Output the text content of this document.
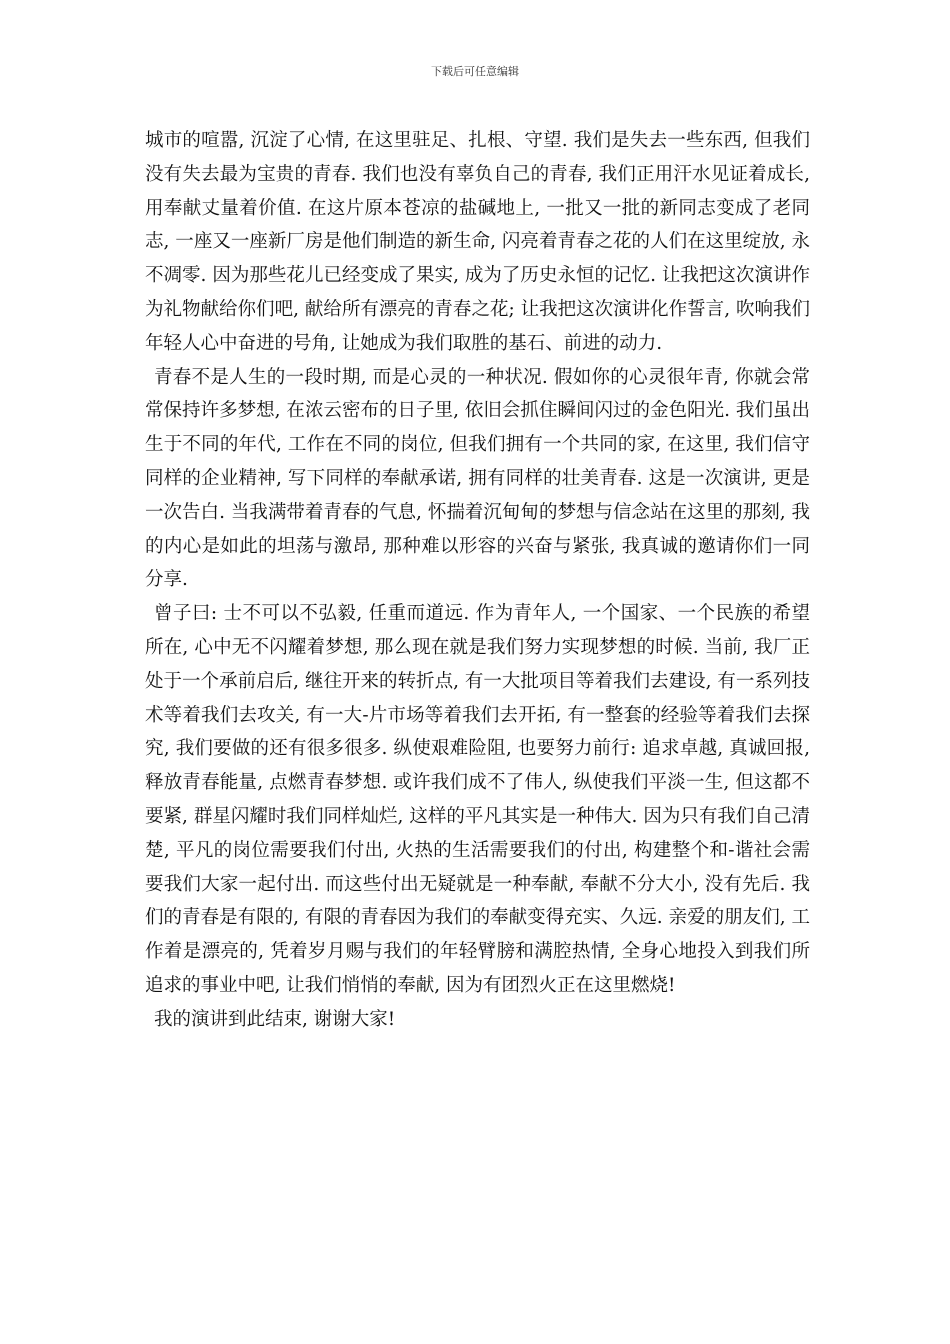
下载后可任意编辑

城市的喧嚣, 沉淀了心情, 在这里驻足、扎根、守望. 我们是失去一些东西, 但我们没有失去最为宝贵的青春. 我们也没有辜负自己的青春, 我们正用汗水见证着成长, 用奉献丈量着价值. 在这片原本苍凉的盐碱地上, 一批又一批的新同志变成了老同志, 一座又一座新厂房是他们制造的新生命, 闪亮着青春之花的人们在这里绽放, 永不凋零. 因为那些花儿已经变成了果实, 成为了历史永恒的记忆. 让我把这次演讲作为礼物献给你们吧, 献给所有漂亮的青春之花; 让我把这次演讲化作誓言, 吹响我们年轻人心中奋进的号角, 让她成为我们取胜的基石、前进的动力.

青春不是人生的一段时期, 而是心灵的一种状况. 假如你的心灵很年青, 你就会常常保持许多梦想, 在浓云密布的日子里, 依旧会抓住瞬间闪过的金色阳光. 我们虽出生于不同的年代, 工作在不同的岗位, 但我们拥有一个共同的家, 在这里, 我们信守同样的企业精神, 写下同样的奉献承诺, 拥有同样的壮美青春. 这是一次演讲, 更是一次告白. 当我满带着青春的气息, 怀揣着沉甸甸的梦想与信念站在这里的那刻, 我的内心是如此的坦荡与激昂, 那种难以形容的兴奋与紧张, 我真诚的邀请你们一同分享.

曾子曰: 士不可以不弘毅, 任重而道远. 作为青年人, 一个国家、一个民族的希望所在, 心中无不闪耀着梦想, 那么现在就是我们努力实现梦想的时候. 当前, 我厂正处于一个承前启后, 继往开来的转折点, 有一大批项目等着我们去建设, 有一系列技术等着我们去攻关, 有一大-片市场等着我们去开拓, 有一整套的经验等着我们去探究, 我们要做的还有很多很多. 纵使艰难险阻, 也要努力前行: 追求卓越, 真诚回报, 释放青春能量, 点燃青春梦想. 或许我们成不了伟人, 纵使我们平淡一生, 但这都不要紧, 群星闪耀时我们同样灿烂, 这样的平凡其实是一种伟大. 因为只有我们自己清楚, 平凡的岗位需要我们付出, 火热的生活需要我们的付出, 构建整个和-谐社会需要我们大家一起付出. 而这些付出无疑就是一种奉献, 奉献不分大小, 没有先后. 我们的青春是有限的, 有限的青春因为我们的奉献变得充实、久远. 亲爱的朋友们, 工作着是漂亮的, 凭着岁月赐与我们的年轻臂膀和满腔热情, 全身心地投入到我们所追求的事业中吧, 让我们悄悄的奉献, 因为有团烈火正在这里燃烧!

我的演讲到此结束, 谢谢大家!
